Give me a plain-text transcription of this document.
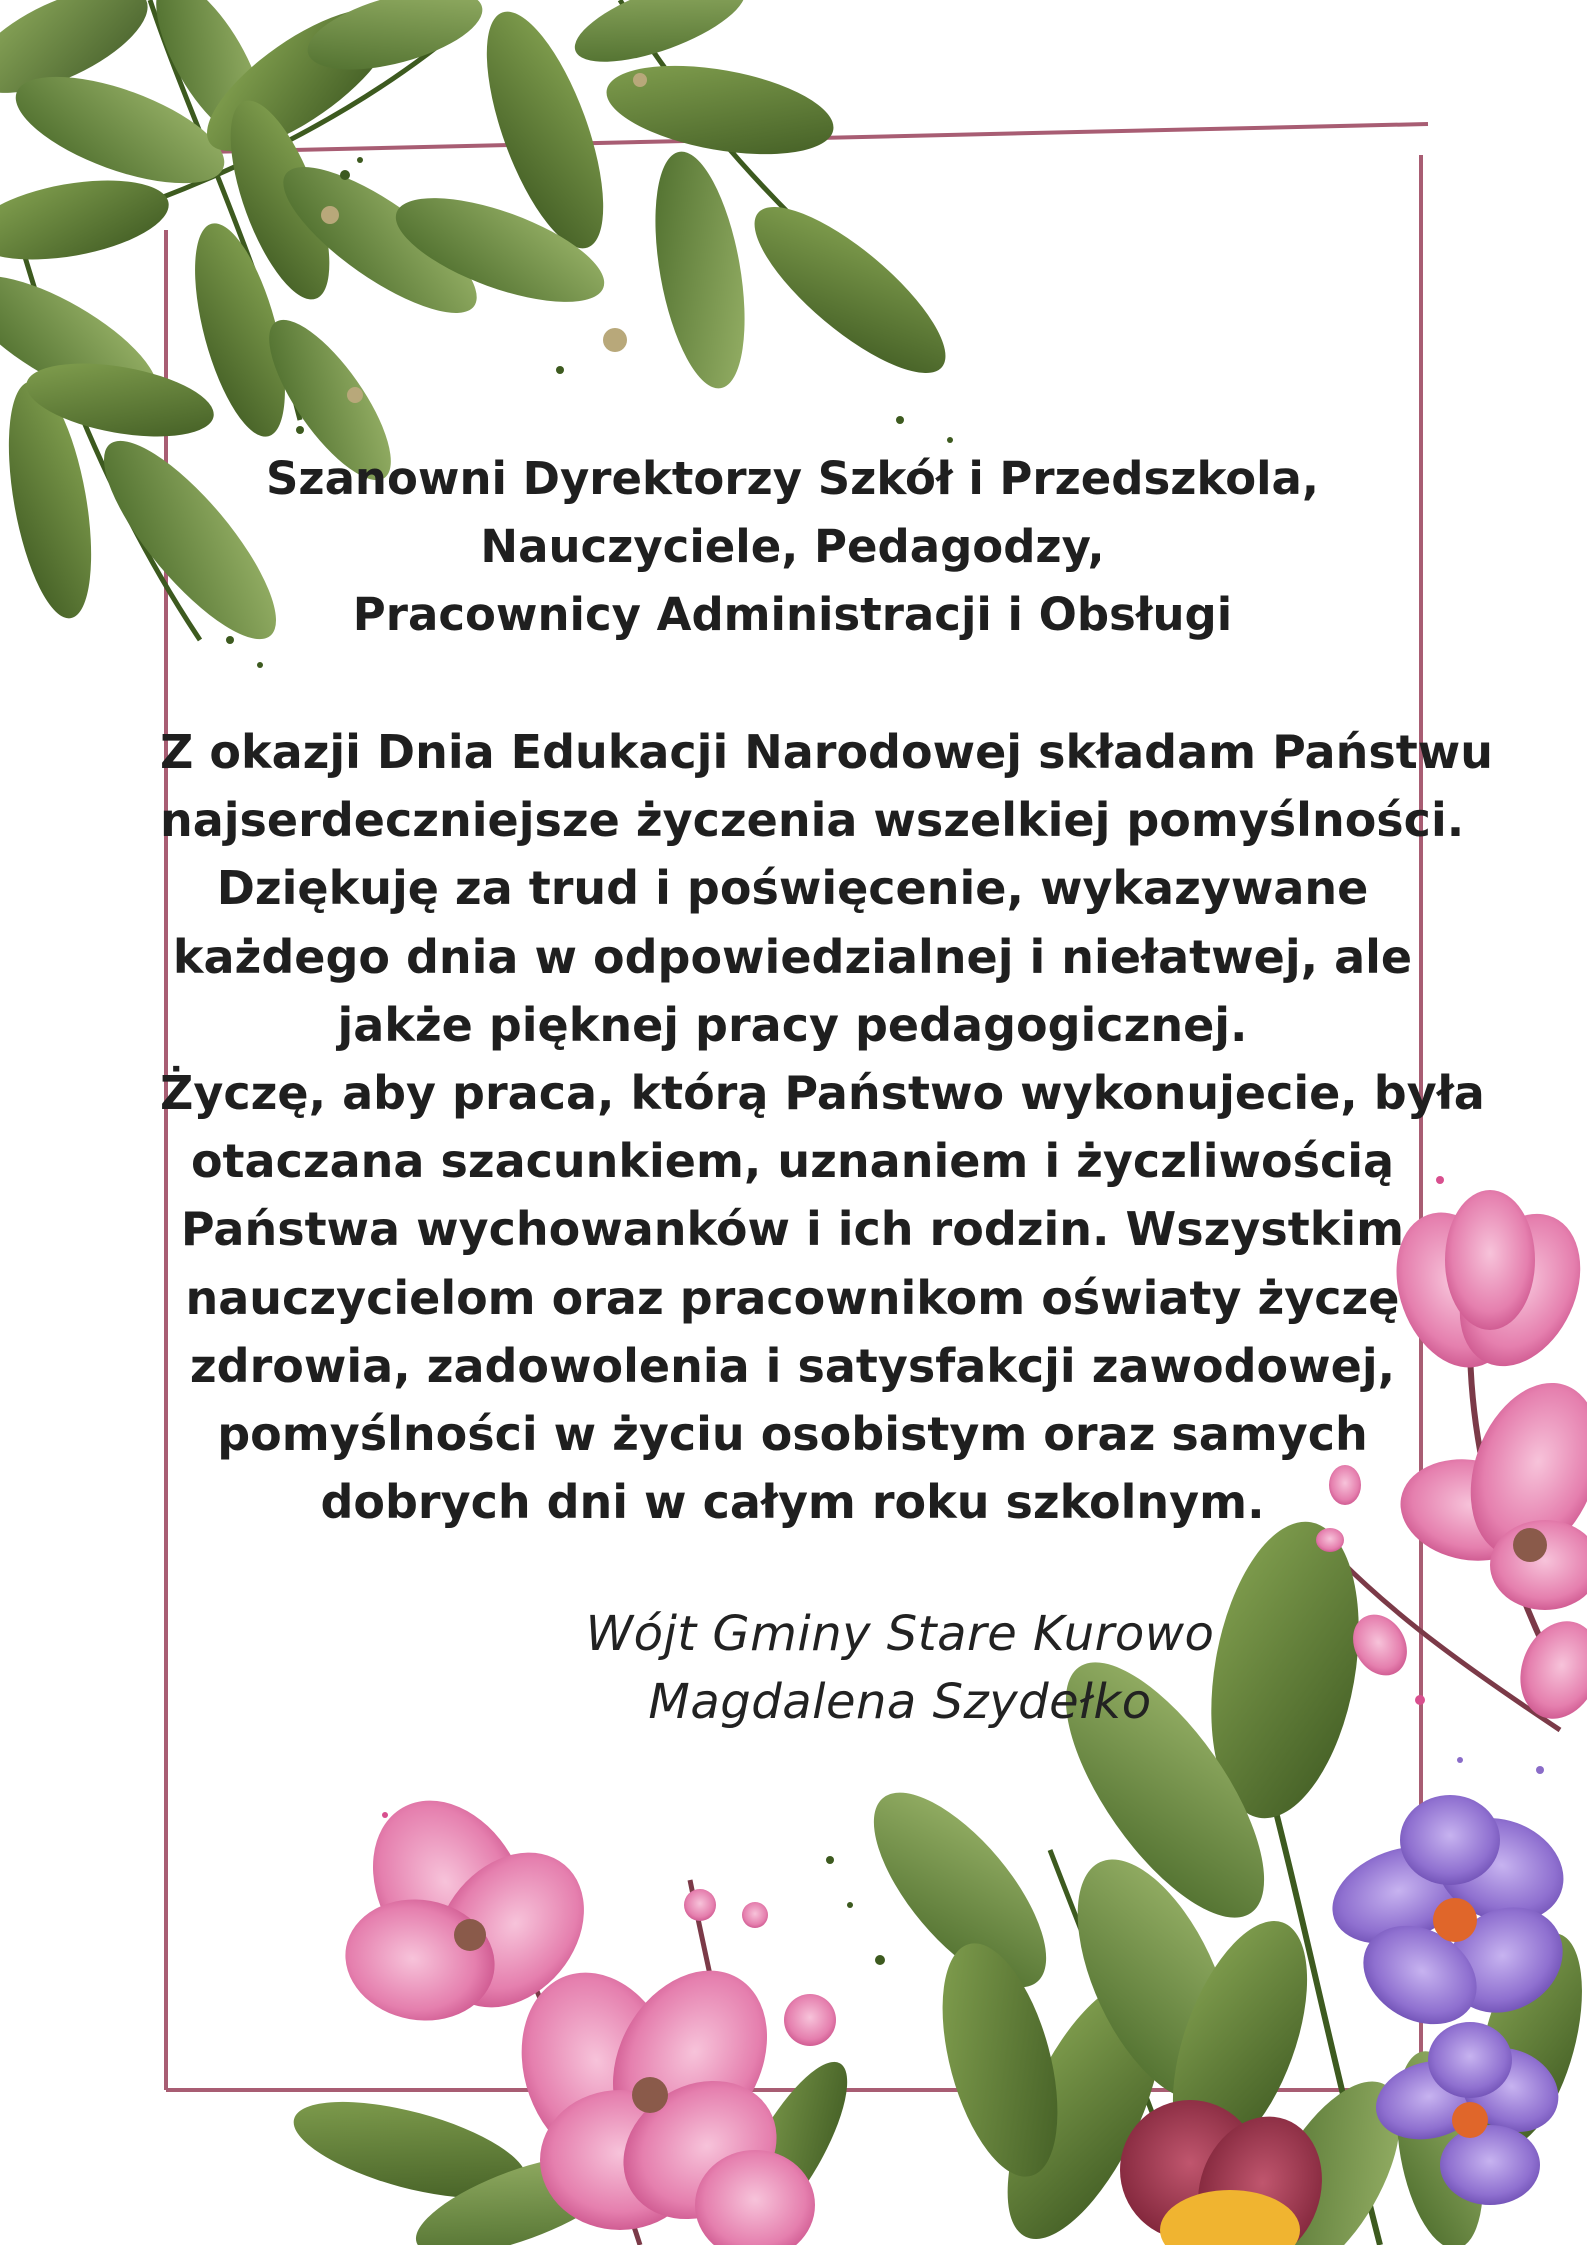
Szanowni Dyrektorzy Szkół i Przedszkola,
Nauczyciele, Pedagodzy,
Pracownicy Administracji i Obsługi
Z okazji Dnia Edukacji Narodowej składam Państwu
najserdeczniejsze życzenia wszelkiej pomyślności.
Dziękuję za trud i poświęcenie, wykazywane
każdego dnia w odpowiedzialnej i niełatwej, ale
jakże pięknej pracy pedagogicznej.
Życzę, aby praca, którą Państwo wykonujecie, była
otaczana szacunkiem, uznaniem i życzliwością
Państwa wychowanków i ich rodzin. Wszystkim
nauczycielom oraz pracownikom oświaty życzę
zdrowia, zadowolenia i satysfakcji zawodowej,
pomyślności w życiu osobistym oraz samych
dobrych dni w całym roku szkolnym.
Wójt Gminy Stare Kurowo
Magdalena Szydełko
